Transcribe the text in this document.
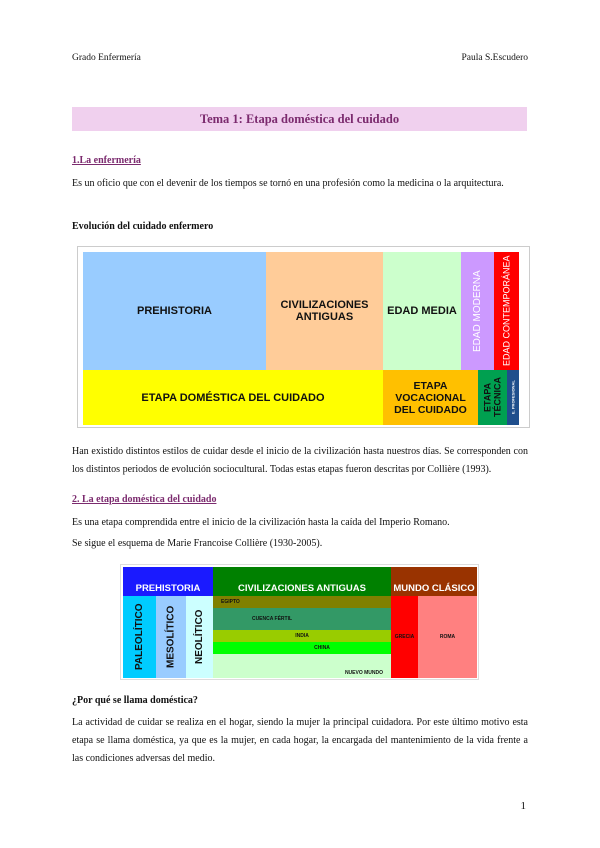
Grado Enfermería	Paula S.Escudero
Tema 1: Etapa doméstica del cuidado
1.La enfermería
Es un oficio que con el devenir de los tiempos se tornó en una profesión como la medicina o la arquitectura.
Evolución del cuidado enfermero
PREHISTORIA	CIVILIZACIONES ANTIGUAS	EDAD MEDIA	EDAD MODERNA	EDAD CONTEMPORÁNEA
ETAPA DOMÉSTICA DEL CUIDADO
ETAPA VOCACIONAL DEL CUIDADO	ETAPA TÉCNICA	E. PROFESIONAL
Han existido distintos estilos de cuidar desde el inicio de la civilización hasta nuestros días. Se corresponden con los distintos periodos de evolución sociocultural. Todas estas etapas fueron descritas por Collière (1993).
2. La etapa doméstica del cuidado
Es una etapa comprendida entre el inicio de la civilización hasta la caída del Imperio Romano.
Se sigue el esquema de Marie Francoise Collière (1930-2005).
PREHISTORIA	CIVILIZACIONES ANTIGUAS	MUNDO CLÁSICO
PALEOLÍTICO	MESOLÍTICO	NEOLÍTICO
EGIPTO
CUENCA FÉRTIL
INDIA
CHINA
NUEVO MUNDO
GRECIA	ROMA
¿Por qué se llama doméstica?
La actividad de cuidar se realiza en el hogar, siendo la mujer la principal cuidadora. Por este último motivo esta etapa se llama doméstica, ya que es la mujer, en cada hogar, la encargada del mantenimiento de la vida frente a las condiciones adversas del medio.
1
